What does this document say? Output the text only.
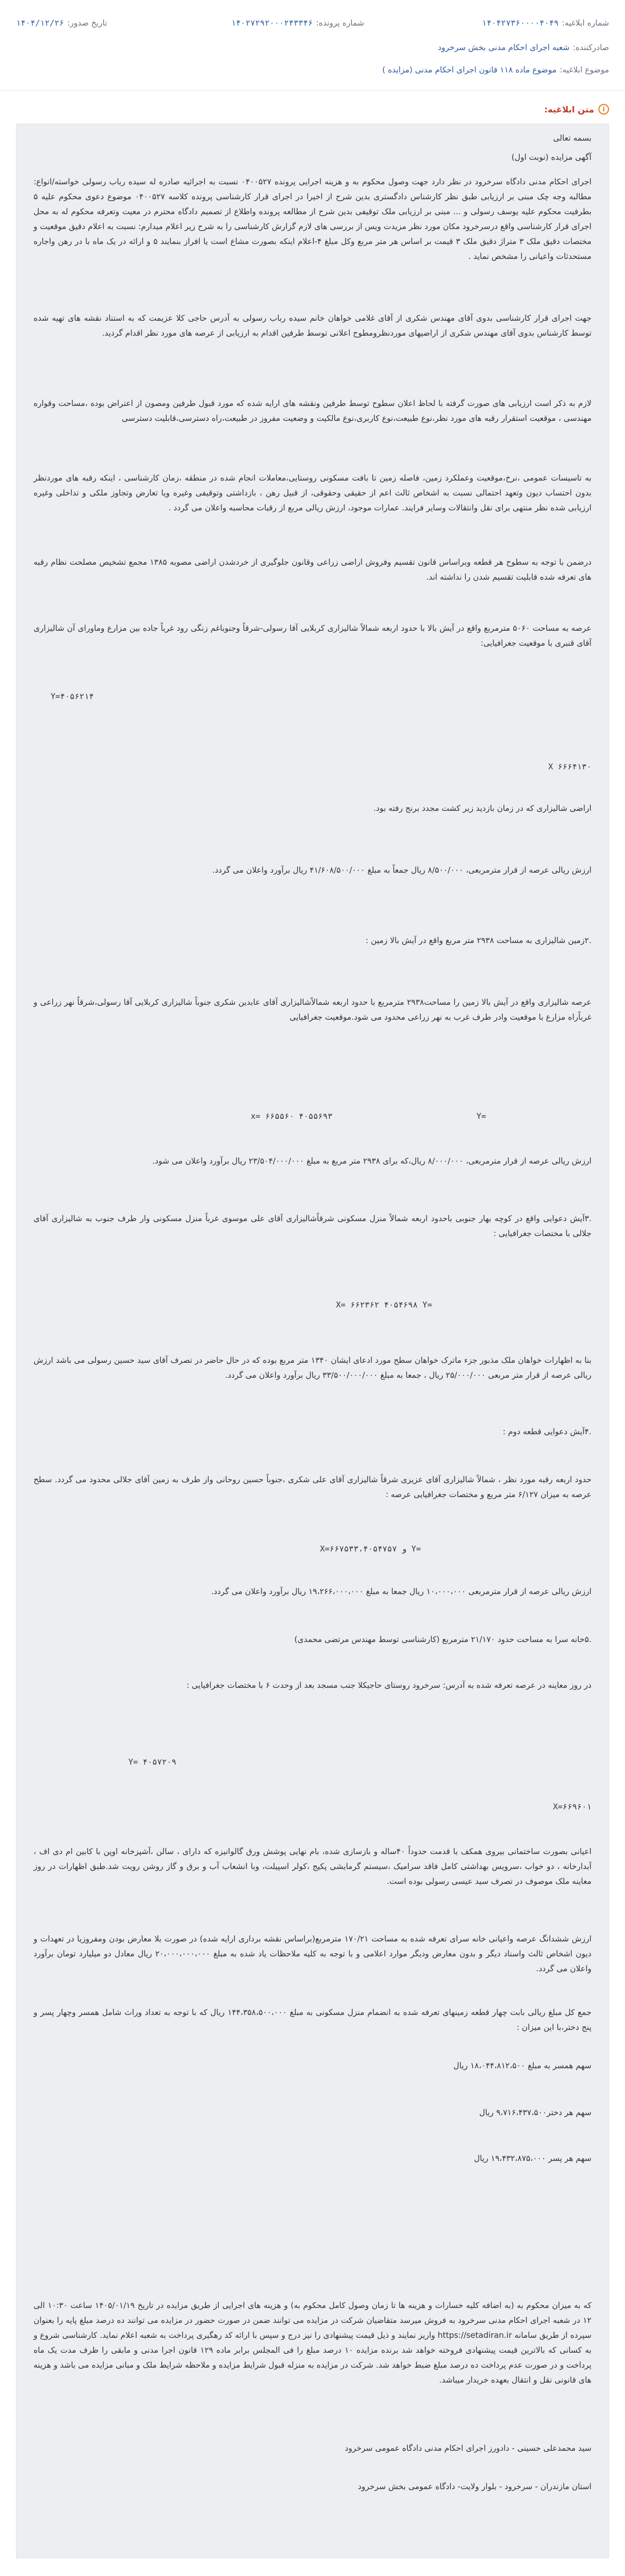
شماره ابلاغیه:
۱۴۰۴۲۷۳۶۰۰۰۰۴۰۴۹
شماره پرونده:
۱۴۰۲۷۲۹۲۰۰۰۲۴۳۳۴۶
تاریخ صدور:
۱۴۰۴/۱۲/۲۶
صادرکننده:
شعبه اجرای احکام مدنی بخش سرخرود
موضوع ابلاغیه:
موضوع ماده ۱۱۸ قانون اجرای احکام مدنی (مزایده )
i
متن ابلاغیه:
بسمه تعالی
آگهی مزایده (نوبت اول)
اجرای احکام مدنی دادگاه سرخرود در نظر دارد جهت وصول محکوم به و هزینه اجرایی پرونده ۰۴۰۰۵۲۷ نسبت به اجرائیه صادره له سیده رباب رسولی خواسته/انواع: مطالبه وجه چک مبنی بر ارزیابی طبق نظر کارشناس دادگستری بدین شرح از اخیرا در اجرای قرار کارشناسی پرونده کلاسه ۰۴۰۰۵۲۷ موضوع دعوی محکوم علیه ۵ بطرفیت محکوم علیه یوسف رسولی و ... مبنی بر ارزیابی ملک توقیفی بدین شرح از مطالعه پرونده واطلاع از تصمیم دادگاه محترم در معیت وتعرفه محکوم له به محل اجرای قرار کارشناسی واقع درسرخرود مکان مورد نظر مزیدت ویس از بررسی های لازم گزارش کارشناسی را به شرح زیر اعلام میدارم: نسبت به اعلام دقیق موقعیت و مختصات دقیق ملک ۳ متراژ دقیق ملک ۳ قیمت بر اساس هر متر مربع وکل مبلغ ۴-اعلام اینکه بصورت مشاع است یا افراز بنمایند ۵ و ارائه در یک ماه با در رهن واجاره مستحدثات واعیانی را مشخص نماید .
جهت اجرای قرار کارشناسی بدوی آقای مهندس شکری از آقای غلامی خواهان خانم سیده رباب رسولی به آدرس حاجی کلا عزیمت که به استناد نقشه های تهیه شده توسط کارشناس بدوی آقای مهندس شکری از اراضیهای موردنظرومطوح اعلانی توسط طرفین اقدام به ارزیابی از عرصه های مورد نظر اقدام گردید.
لازم به ذکر است ارزیابی های صورت گرفته با لحاظ اعلان سطوح توسط طرفین ونقشه های ارایه شده که مورد قبول طرفین ومصون از اعتراض بوده ،مساحت وقواره مهندسی ، موقعیت استقرار رقبه های مورد نظر،نوع طبیعت،نوع کاربری،نوع مالکیت و وضعیت مفروز در طبیعت،راه دسترسی،قابلیت دسترسی
به تاسیسات عمومی ،نرخ،موقعیت وعملکرد زمین، فاصله زمین تا بافت مسکونی روستایی،معاملات انجام شده در منطقه ،زمان کارشناسی ، اینکه رقبه های موردنظر بدون احتساب دیون وتعهد احتمالی نسبت به اشخاص ثالث اعم از حقیقی وحقوقی، از قبیل رهن ، بازداشتی وتوقیفی وغیره ویا تعارض وتجاوز ملکی و تداخلی وغیره ارزیابی شده نظر منتهی برای نقل وانتقالات وسایر فرایند. عمارات موجود، ارزش ریالی مربع از رقبات محاسبه واعلان می گردد .
درضمن با توجه به سطوح هر قطعه وبراساس قانون تقسیم وفروش اراضی زراعی وقانون جلوگیری از خردشدن اراضی مصوبه ۱۳۸۵ مجمع تشخیص مصلحت نظام رقبه های تعرفه شده قابلیت تقسیم شدن را نداشته اند.
عرصه به مساحت ۵۰۶۰ مترمربع واقع در آیش بالا با حدود اربعه شمالاً شالیزاری کربلایی آقا رسولی-شرقاً وجنوباغم زنگی رود غرباً جاده بین مزارع وماورای آن شالیزاری آقای قنبری با موقعیت جغرافیایی:
Y=۴۰۵۶۲۱۴
X ۶۶۶۴۱۳۰
اراضی شالیزاری که در زمان بازدید زیر کشت مجدد برنج رفته بود.
ارزش ریالی عرصه از قرار مترمربعی، ۸/۵۰۰/۰۰۰ ریال جمعاً به مبلغ ۴۱/۶۰۸/۵۰۰/۰۰۰ ریال برآورد واعلان می گردد.
.۲زمین شالیزاری به مساحت ۲۹۳۸ متر مربع واقع در آیش بالا زمین :
عرصه شالیزاری واقع در آیش بالا زمین را مساحت۲۹۳۸ مترمربع با حدود اربعه شمالاًشالیزاری آقای عابدین شکری جنوباً شالیزاری کربلایی آقا رسولی،شرقاً نهر زراعی و غرباًراه مزارع با موقعیت وادر طرف غرب به نهر زراعی محدود می شود.موقعیت جغرافیایی
Y=
x= ۶۶۵۵۶۰ ۴۰۵۵۶۹۳
ارزش ریالی عرصه از قرار مترمربعی، ۸/۰۰۰/۰۰۰ ریال،که برای ۲۹۳۸ متر مربع به مبلغ ۲۳/۵۰۴/۰۰۰/۰۰۰ ریال برآورد واعلان می شود.
.۳آیش دعوایی واقع در کوچه بهار جنوبی باحدود اربعه شمالاً منزل مسکونی شرقاًشالیزاری آقای علی موسوی غرباً منزل مسکونی وار طرف جنوب به شالیزاری آقای جلالی با مختصات جغرافیایی :
X= ۶۶۲۳۶۲ ۴۰۵۴۶۹۸ Y=
بنا به اظهارات خواهان ملک مذبور جزء ماترک خواهان سطح مورد ادعای ایشان ۱۳۴۰ متر مربع بوده که در حال حاضر در تصرف آقای سید حسین رسولی می باشد ارزش ریالی عرصه از قرار متر مربعی ۲۵/۰۰۰/۰۰۰ ریال ، جمعا به مبلغ ۳۳/۵۰۰/۰۰۰/۰۰۰ ریال برآورد واعلان می گردد.
.۴آیش دعوایی قطعه دوم :
حدود اربعه رقبه مورد نظر ، شمالاً شالیزاری آقای عزیزی شرقاً شالیزاری آقای علی شکری ،جنوباً حسین روحانی واز طرف به زمین آقای جلالی محدود می گردد. سطح عرصه به میزان ۶/۱۲۷ متر مربع و مختصات جغرافیایی عرصه :
X=۶۶۷۵۳۳،۴۰۵۴۷۵۷ و Y=
ارزش ریالی عرصه از قرار مترمربعی ۱۰،۰۰۰،۰۰۰ ریال جمعا به مبلغ ۱۹،۲۶۶،۰۰۰،۰۰۰ ریال برآورد واعلان می گردد.
.۵خانه سرا به مساحت حدود ۲۱/۱۷۰ مترمربع (کارشناسی توسط مهندس مرتضی محمدی)
در روز معاینه در عرصه تعرفه شده به آدرس: سرخرود روستای حاجیکلا جنب مسجد بعد از وحدت ۶ با مختصات جغرافیایی :
Y= ۴۰۵۷۲۰۹
X=۶۶۹۶۰۱
اعیانی بصورت ساختمانی بیروی همکف با قدمت حدوداً ۴۰ساله و بازسازی شده، بام نهایی پوشش ورق گالوانیزه که دارای ، سالن ،آشپزخانه اوپن با کابین ام دی اف ، آبدارخانه ، دو خواب ،سرویس بهداشتی کامل فاقد سرامیک ،سیستم گرمایشی پکیج ،کولر اسپیلت، وبا انشعاب آب و برق و گاز روشن رویت شد.طبق اظهارات در روز معاینه ملک موصوف در تصرف سید عیسی رسولی بوده است.
ارزش ششدانگ عرصه واعیانی خانه سرای تعرفه شده به مساحت ۱۷۰/۲۱ مترمربع(براساس نقشه برداری ارایه شده) در صورت بلا معارض بودن ومفروزیا در تعهدات و دیون اشخاص ثالث واسناد دیگر و بدون معارض ودیگر موارد اعلامی و با توجه به کلیه ملاحظات یاد شده به مبلغ ۲۰،۰۰۰،۰۰۰،۰۰۰ ریال معادل دو میلیارد تومان برآورد واعلان می گردد.
جمع کل مبلغ ریالی بابت چهار قطعه زمینهای تعرفه شده به انضمام منزل مسکونی به مبلغ ۱۴۴،۳۵۸،۵۰۰،۰۰۰ ریال که با توجه به تعداد وراث شامل همسر وچهار پسر و پنج دختر،با این میزان :
سهم همسر به مبلغ ۱۸،۰۴۴،۸۱۲،۵۰۰ ریال
سهم هر دختر۹،۷۱۶،۴۳۷،۵۰۰ ریال
سهم هر پسر ۱۹،۴۳۲،۸۷۵،۰۰۰ ریال
که به میزان محکوم به (به اضافه کلیه خسارات و هزینه ها تا زمان وصول کامل محکوم به) و هزینه های اجرایی از طریق مزایده در تاریخ ۱۴۰۵/۰۱/۱۹ ساعت ۱۰:۳۰ الی ۱۲ در شعبه اجرای احکام مدنی سرخرود به فروش میرسد متقاضیان شرکت در مزایده می توانند ضمن در صورت حضور در مزایده می توانند ده درصد مبلغ پایه را بعنوان سپرده از طریق سامانه https://setadiran.ir واریز نمایند و ذیل قیمت پیشنهادی را نیز درج و سپس با ارائه کد رهگیری پرداخت به شعبه اعلام نماید. کارشناسی شروع و به کسانی که بالاترین قیمت پیشنهادی فروخته خواهد شد برنده مزایده ۱۰ درصد مبلغ را فی المجلس برابر ماده ۱۲۹ قانون اجرا مدنی و مابقی را ظرف مدت یک ماه پرداخت و در صورت عدم پرداخت ده درصد مبلغ ضبط خواهد شد. شرکت در مزایده به منزله قبول شرایط مزایده و ملاحظه شرایط ملک و مبانی مزایده می باشد و هزینه های قانونی نقل و انتقال بعهده خریدار میباشد.
سید محمدعلی حسینی - دادورز اجرای احکام مدنی دادگاه عمومی سرخرود
استان مازندران - سرخرود - بلوار ولایت- دادگاه عمومی بخش سرخرود
